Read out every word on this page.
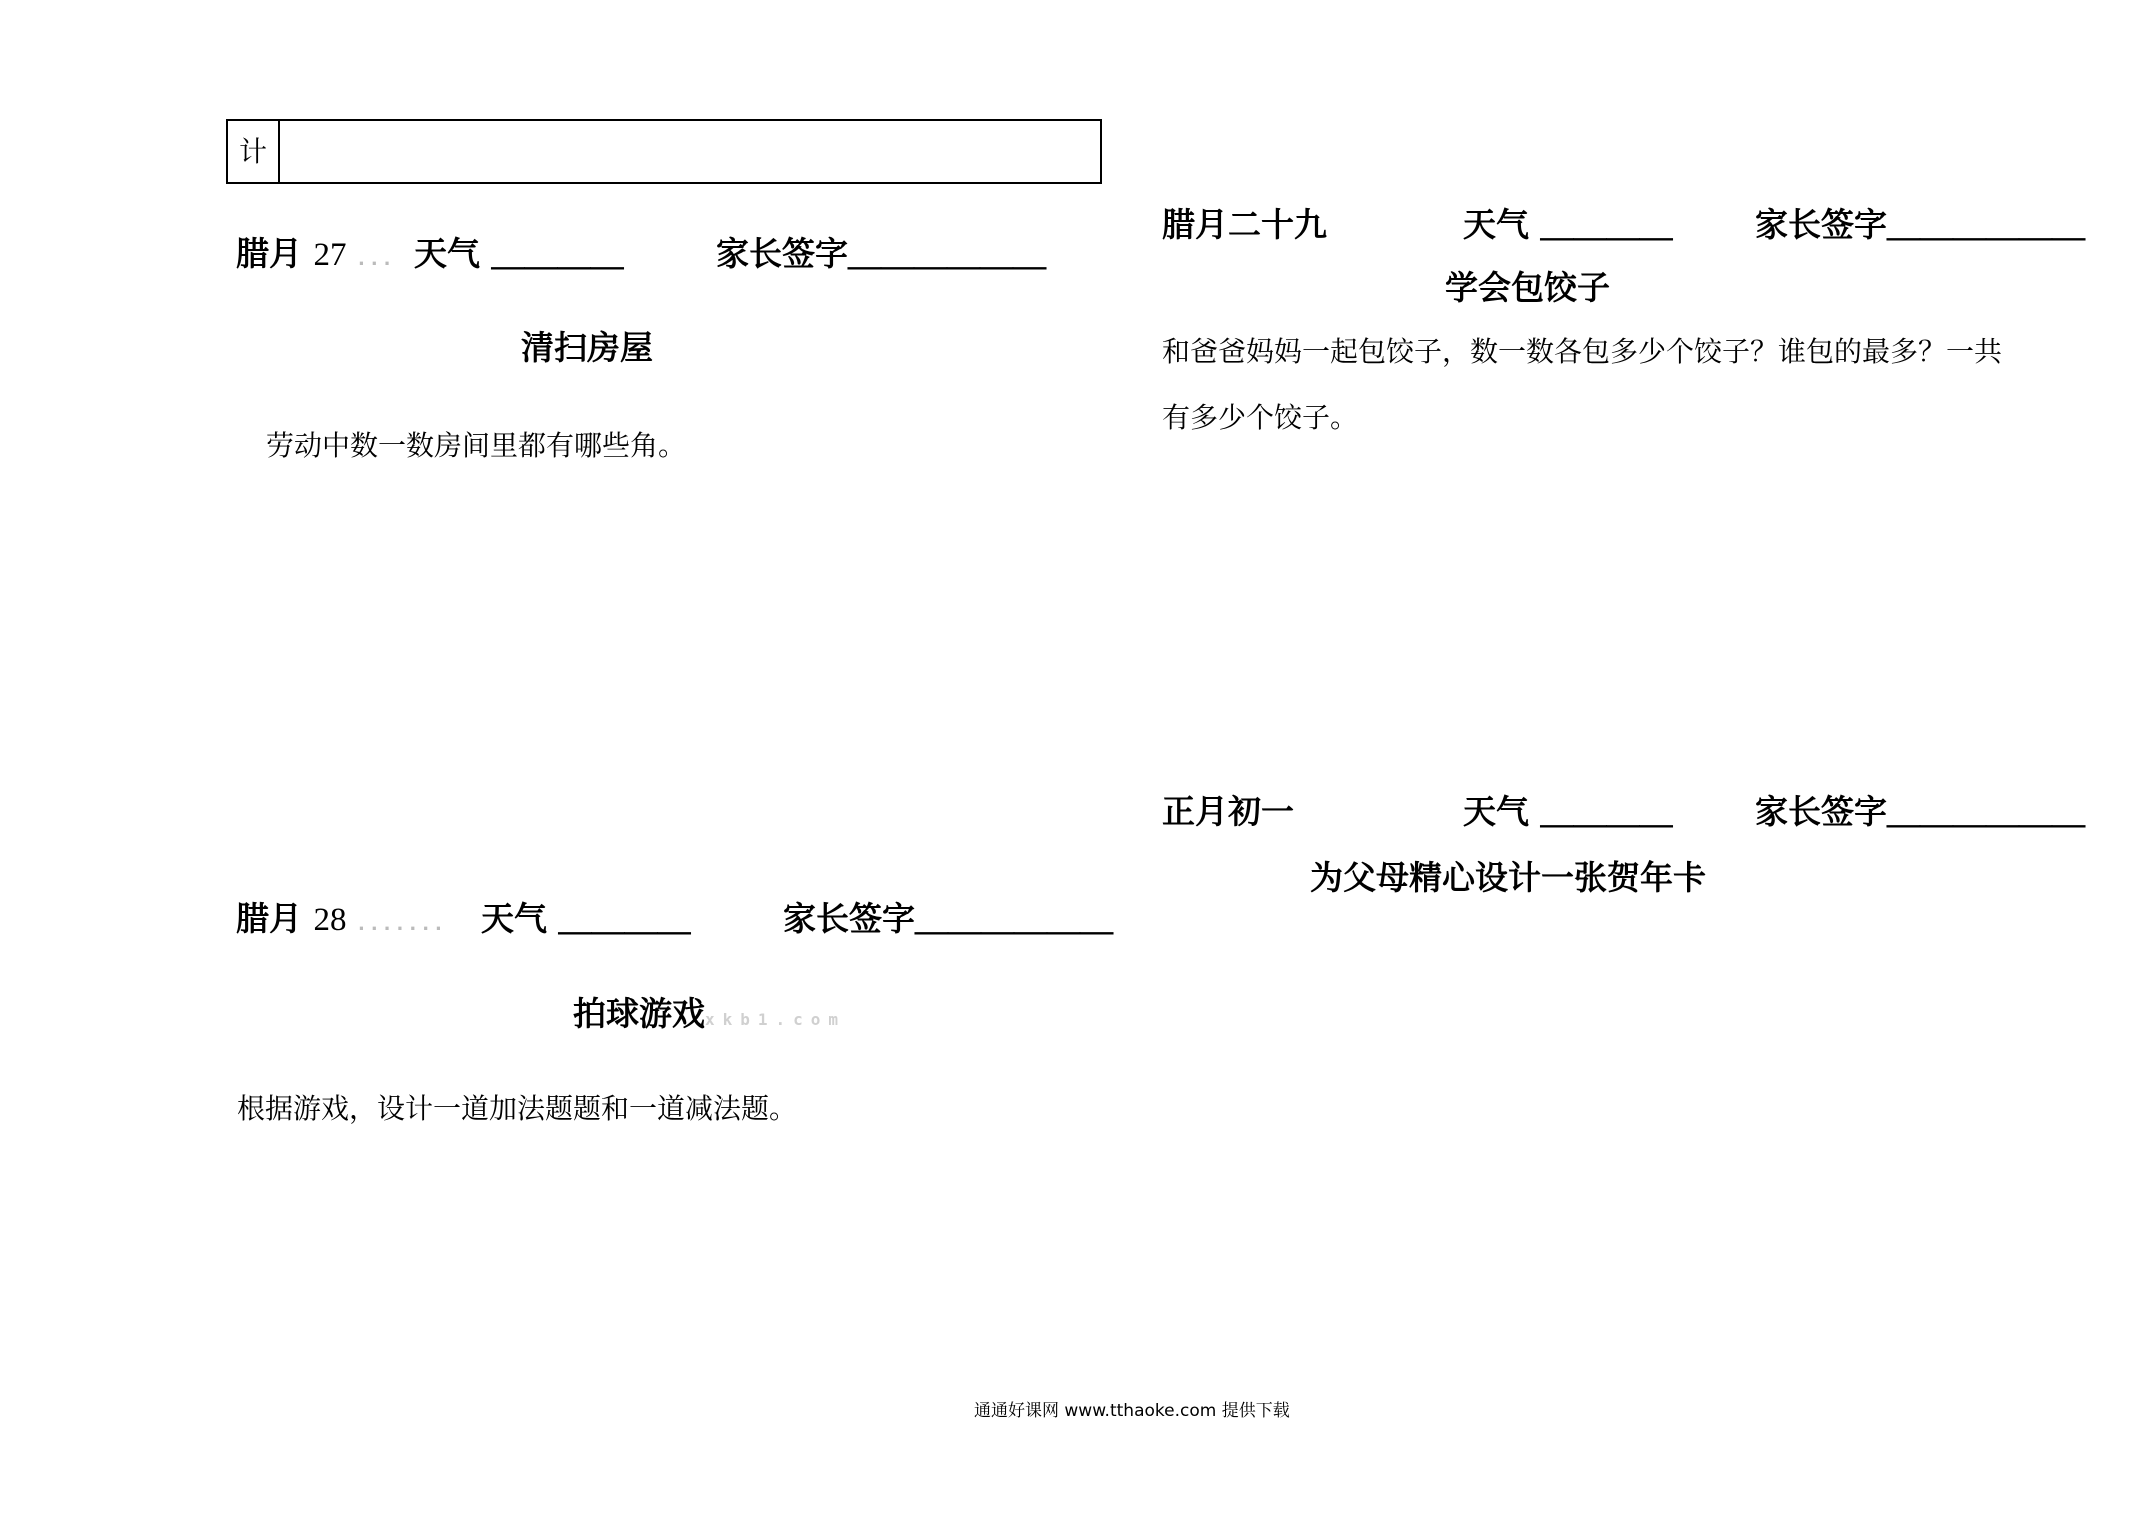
计
腊月 27 ... 天气 ＿＿＿＿	家长签字＿＿＿＿＿＿
清扫房屋
劳动中数一数房间里都有哪些角。
腊月 28 ....... 天气 ＿＿＿＿	家长签字＿＿＿＿＿＿
拍球游戏xkb1.com
根据游戏，设计一道加法题题和一道减法题。
腊月二十九	天气 ＿＿＿＿	家长签字＿＿＿＿＿＿
学会包饺子
和爸爸妈妈一起包饺子，数一数各包多少个饺子？谁包的最多？一共
有多少个饺子。
正月初一	天气 ＿＿＿＿	家长签字＿＿＿＿＿＿
为父母精心设计一张贺年卡
通通好课网 www.tthaoke.com 提供下载
